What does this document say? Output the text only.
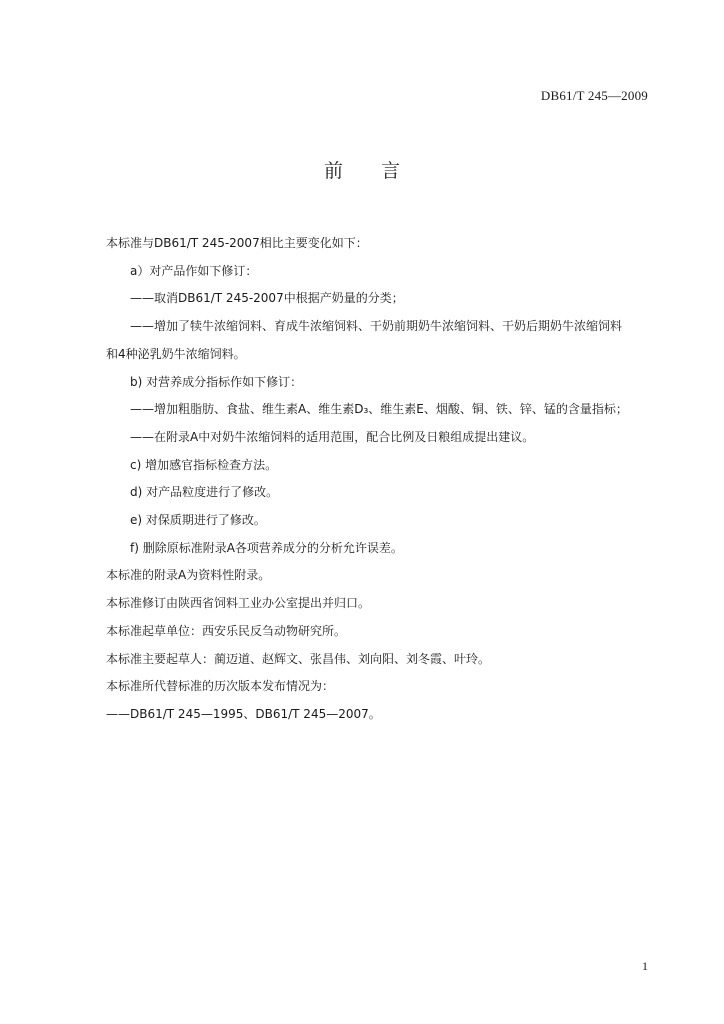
DB61/T 245—2009
前言
本标准与DB61/T 245-2007相比主要变化如下：
a）对产品作如下修订：
——取消DB61/T 245-2007中根据产奶量的分类；
——增加了犊牛浓缩饲料、育成牛浓缩饲料、干奶前期奶牛浓缩饲料、干奶后期奶牛浓缩饲料
和4种泌乳奶牛浓缩饲料。
b) 对营养成分指标作如下修订：
——增加粗脂肪、食盐、维生素A、维生素D₃、维生素E、烟酸、铜、铁、锌、锰的含量指标；
——在附录A中对奶牛浓缩饲料的适用范围，配合比例及日粮组成提出建议。
c) 增加感官指标检查方法。
d) 对产品粒度进行了修改。
e) 对保质期进行了修改。
f) 删除原标准附录A各项营养成分的分析允许误差。
本标准的附录A为资料性附录。
本标准修订由陕西省饲料工业办公室提出并归口。
本标准起草单位：西安乐民反刍动物研究所。
本标准主要起草人：蔺迈道、赵辉文、张昌伟、刘向阳、刘冬霞、叶玲。
本标准所代替标准的历次版本发布情况为：
——DB61/T 245—1995、DB61/T 245—2007。
1
